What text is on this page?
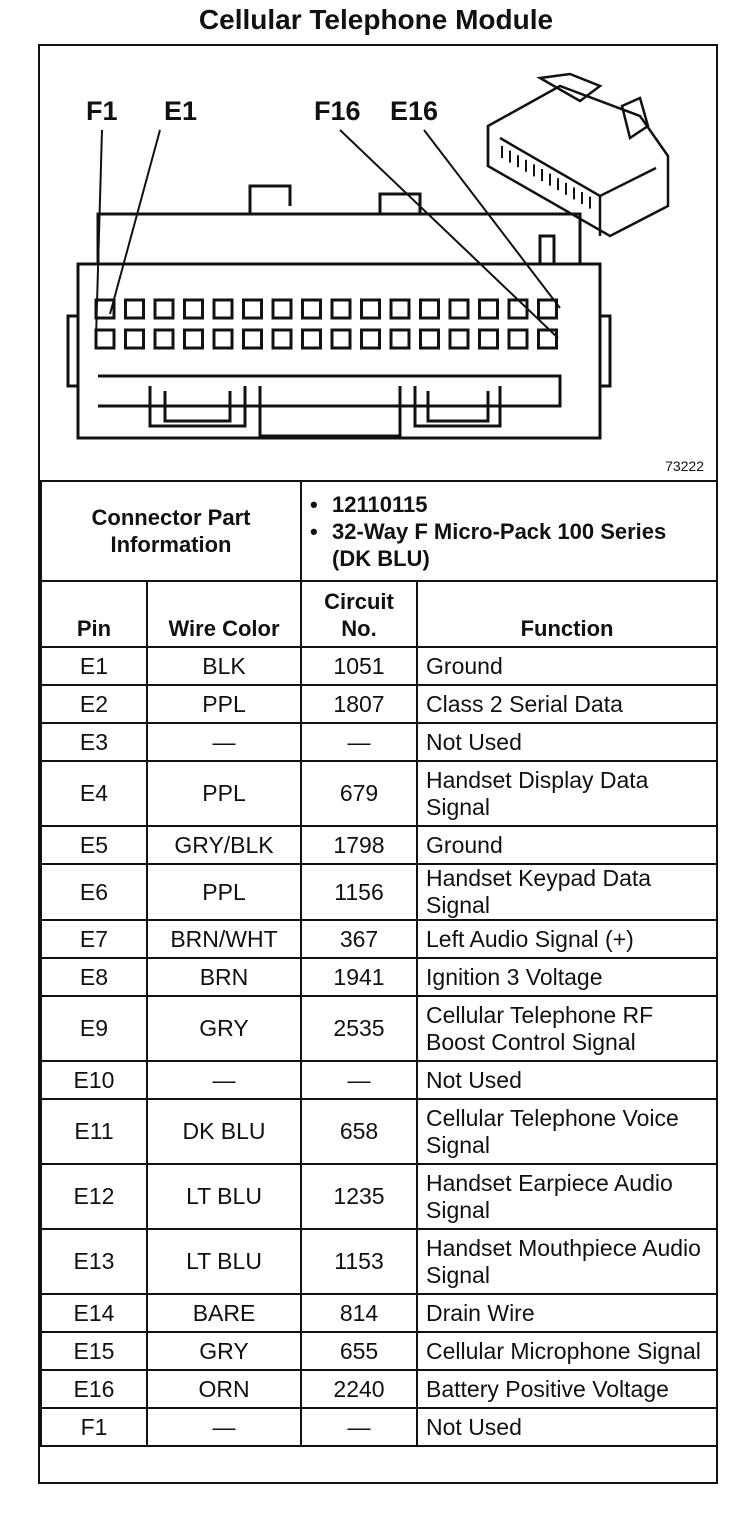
Cellular Telephone Module
F1 E1	F16 E16
73222
Connector Part Information		• 12110115
• 32-Way F Micro-Pack 100 Series (DK BLU)	

Pin	Wire Color	Circuit No.	Function
E1	BLK	1051	Ground
E2	PPL	1807	Class 2 Serial Data
E3	—	—	Not Used
E4	PPL	679	Handset Display Data Signal
E5	GRY/BLK	1798	Ground
E6	PPL	1156	Handset Keypad Data Signal
E7	BRN/WHT	367	Left Audio Signal (+)
E8	BRN	1941	Ignition 3 Voltage
E9	GRY	2535	Cellular Telephone RF Boost Control Signal
E10	—	—	Not Used
E11	DK BLU	658	Cellular Telephone Voice Signal
E12	LT BLU	1235	Handset Earpiece Audio Signal
E13	LT BLU	1153	Handset Mouthpiece Audio Signal
E14	BARE	814	Drain Wire
E15	GRY	655	Cellular Microphone Signal
E16	ORN	2240	Battery Positive Voltage
F1	—	—	Not Used
